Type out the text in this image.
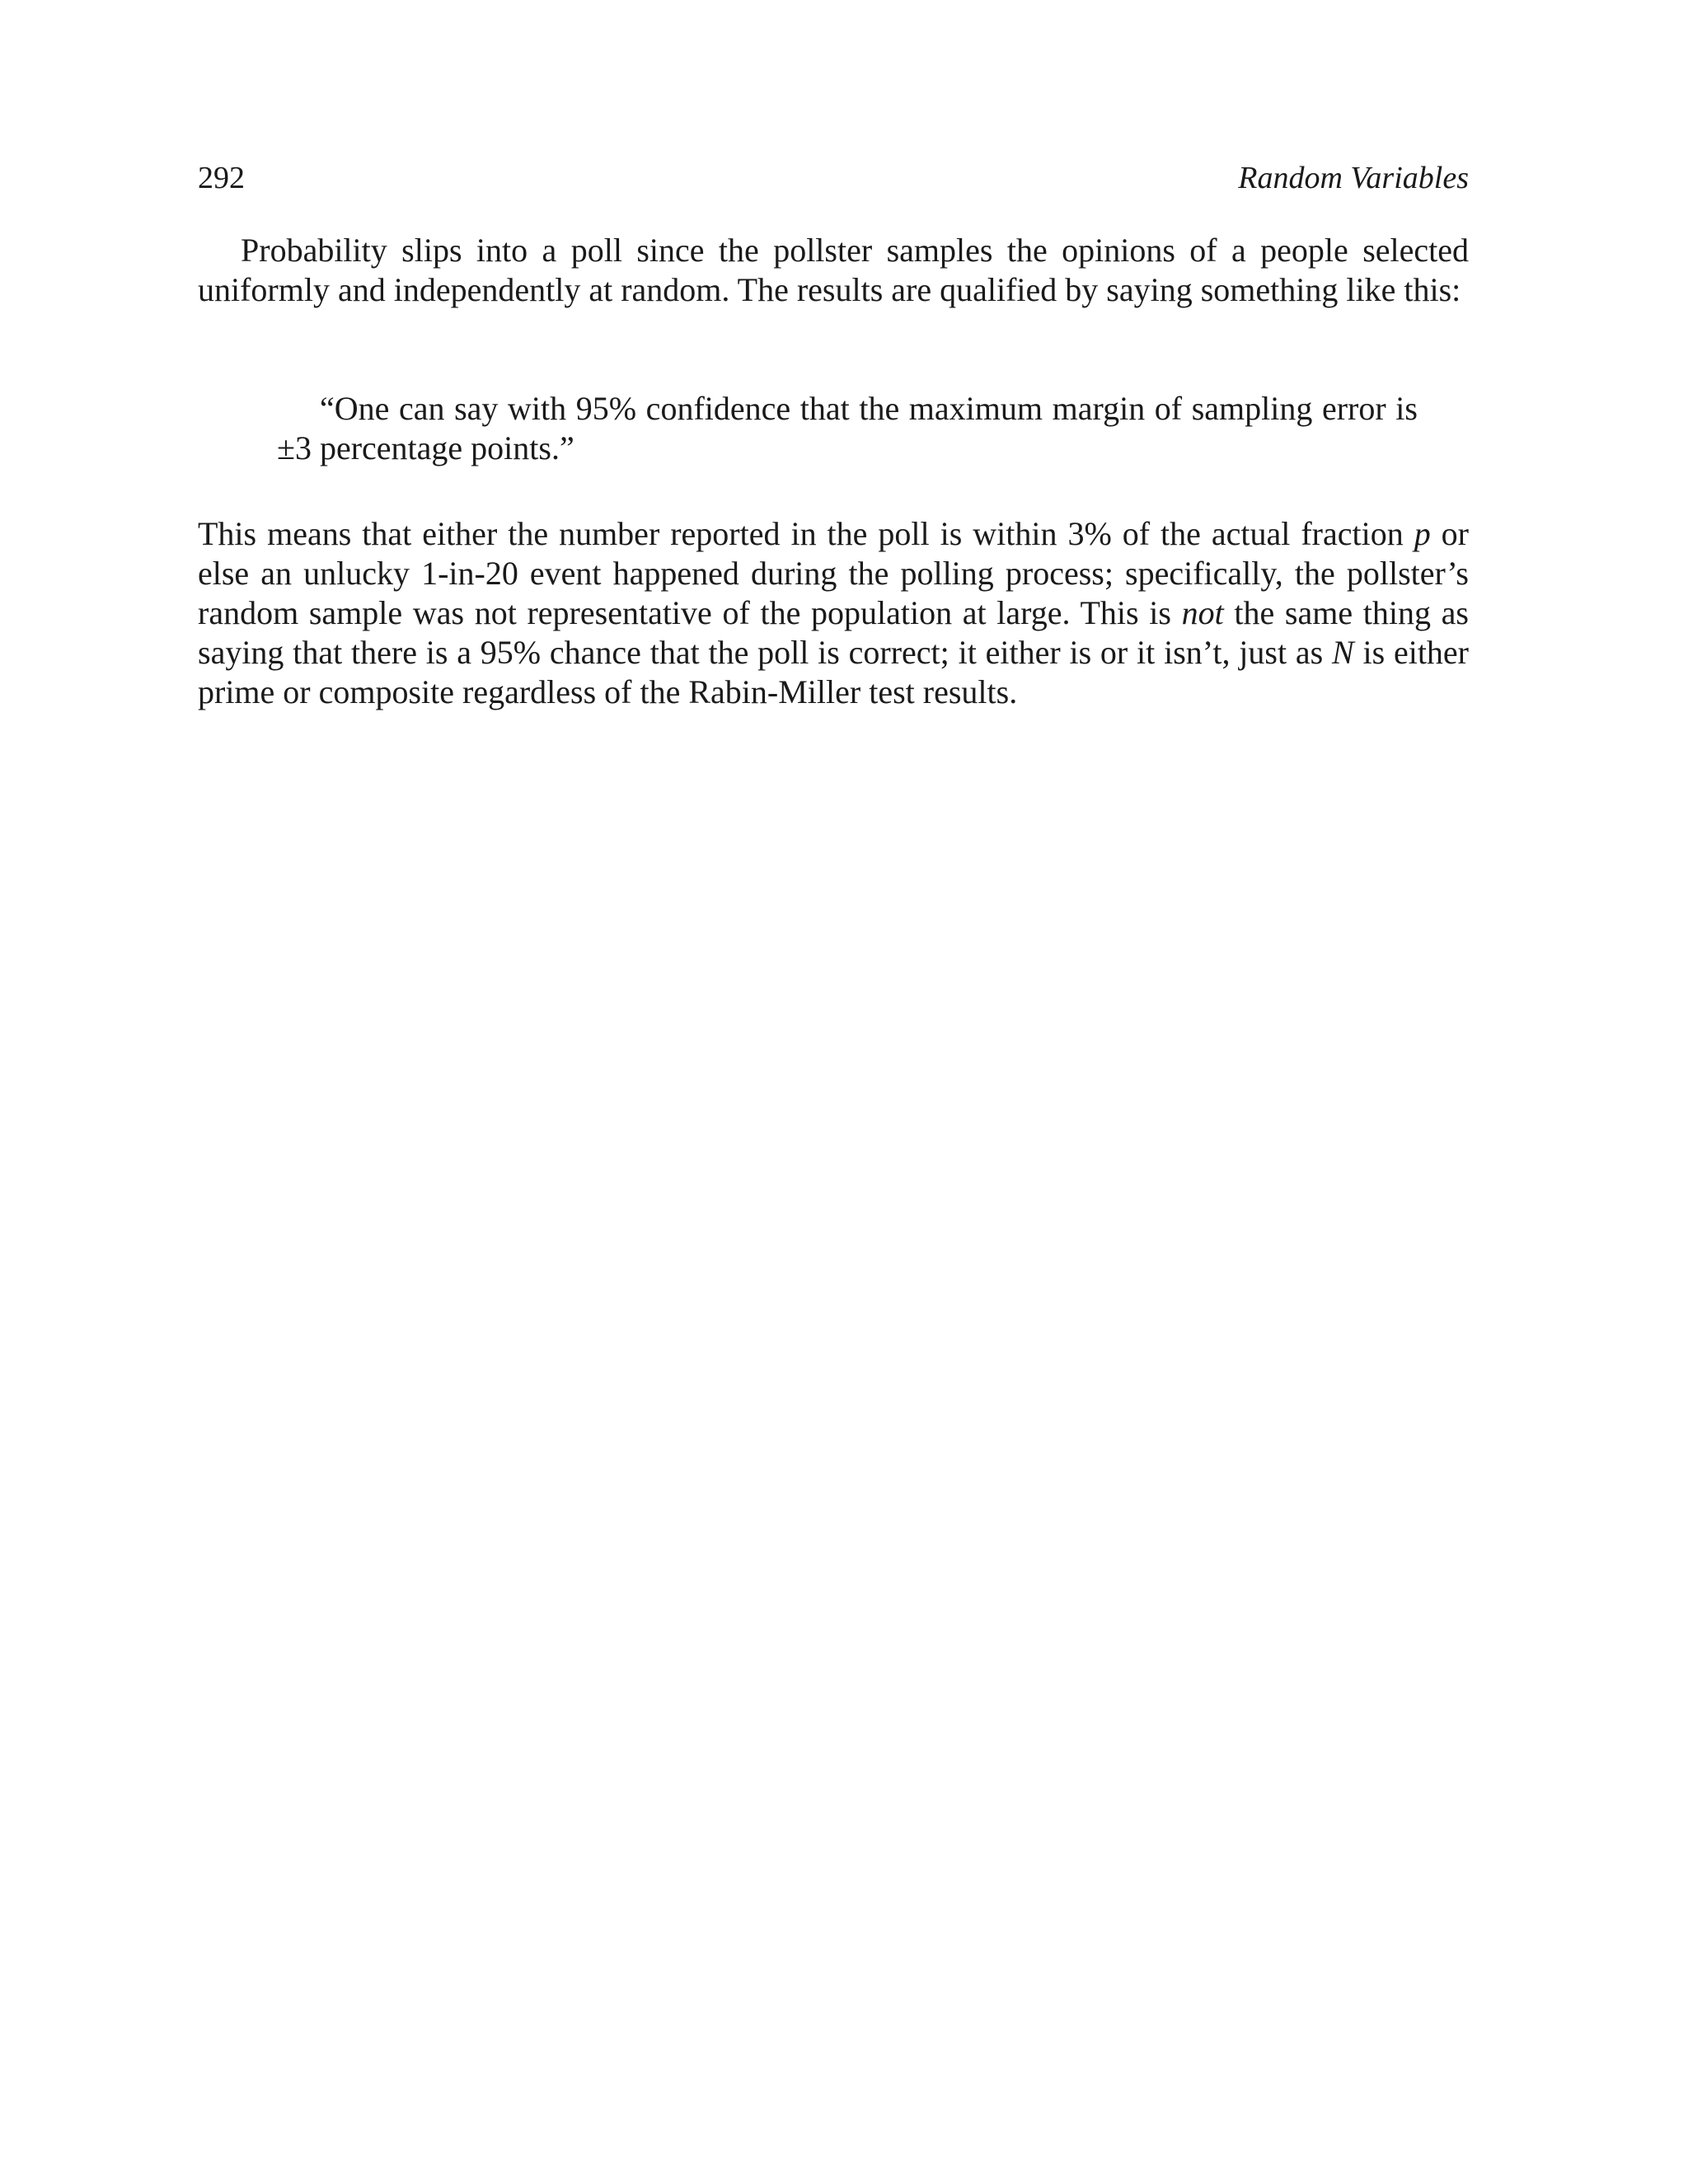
292	Random Variables

Probability slips into a poll since the pollster samples the opinions of a people selected uniformly and independently at random. The results are qualified by saying something like this:

“One can say with 95% confidence that the maximum margin of sampling error is ±3 percentage points.”

This means that either the number reported in the poll is within 3% of the actual fraction p or else an unlucky 1-in-20 event happened during the polling process; specifically, the pollster’s random sample was not representative of the population at large. This is not the same thing as saying that there is a 95% chance that the poll is correct; it either is or it isn’t, just as N is either prime or composite regardless of the Rabin-Miller test results.
